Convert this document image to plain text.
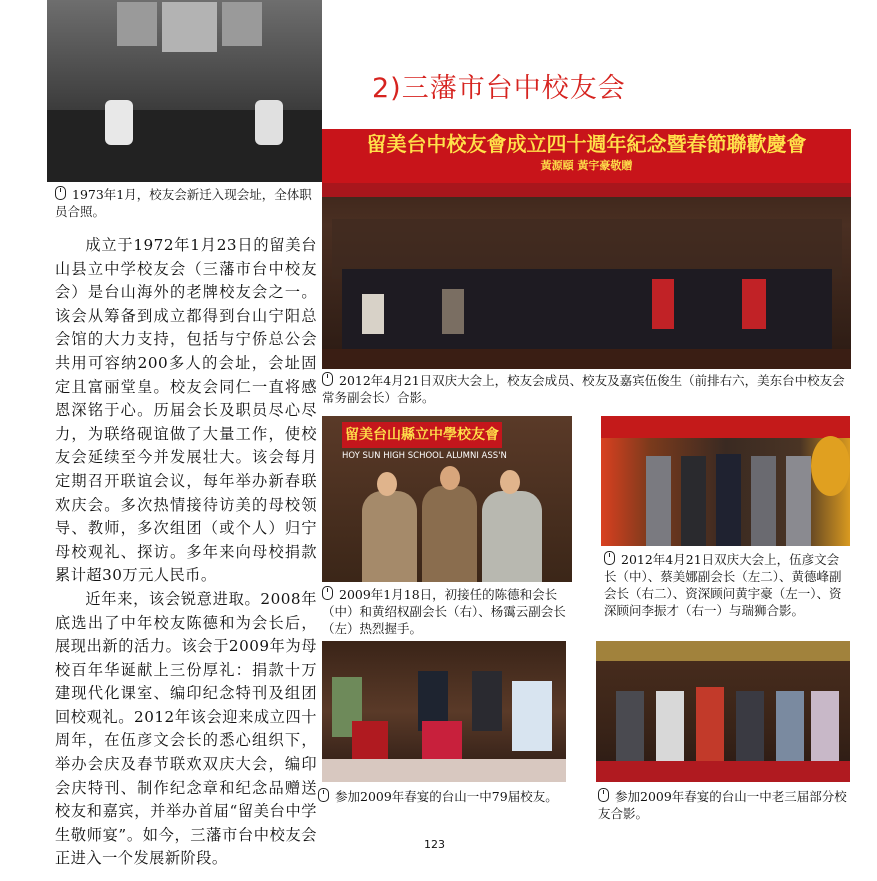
1973年1月，校友会新迁入现会址，全体职员合照。
2)三藩市台中校友会
留美台中校友會成立四十週年紀念暨春節聯歡慶會
黃源頤 黃宇豪敬贈
2012年4月21日双庆大会上，校友会成员、校友及嘉宾伍俊生（前排右六，美东台中校友会常务副会长）合影。
留美台山縣立中學校友會
HOY SUN HIGH SCHOOL ALUMNI ASS'N
2009年1月18日，初接任的陈德和会长（中）和黄绍权副会长（右）、杨霭云副会长（左）热烈握手。
2012年4月21日双庆大会上，伍彦文会长（中）、蔡美娜副会长（左二）、黄德峰副会长（右二）、资深顾问黄宇豪（左一）、资深顾问李振才（右一）与瑞狮合影。
参加2009年春宴的台山一中79届校友。	参加2009年春宴的台山一中老三届部分校友合影。

成立于1972年1月23日的留美台山县立中学校友会（三藩市台中校友会）是台山海外的老牌校友会之一。该会从筹备到成立都得到台山宁阳总会馆的大力支持，包括与宁侨总公会共用可容纳200多人的会址，会址固定且富丽堂皇。校友会同仁一直将感恩深铭于心。历届会长及职员尽心尽力，为联络砚谊做了大量工作，使校友会延续至今并发展壮大。该会每月定期召开联谊会议，每年举办新春联欢庆会。多次热情接待访美的母校领导、教师，多次组团（或个人）归宁母校观礼、探访。多年来向母校捐款累计超30万元人民币。

近年来，该会锐意进取。2008年底选出了中年校友陈德和为会长后，展现出新的活力。该会于2009年为母校百年华诞献上三份厚礼：捐款十万建现代化课室、编印纪念特刊及组团回校观礼。2012年该会迎来成立四十周年，在伍彦文会长的悉心组织下，举办会庆及春节联欢双庆大会，编印会庆特刊、制作纪念章和纪念品赠送校友和嘉宾，并举办首届“留美台中学生敬师宴”。如今，三藩市台中校友会正进入一个发展新阶段。

123
